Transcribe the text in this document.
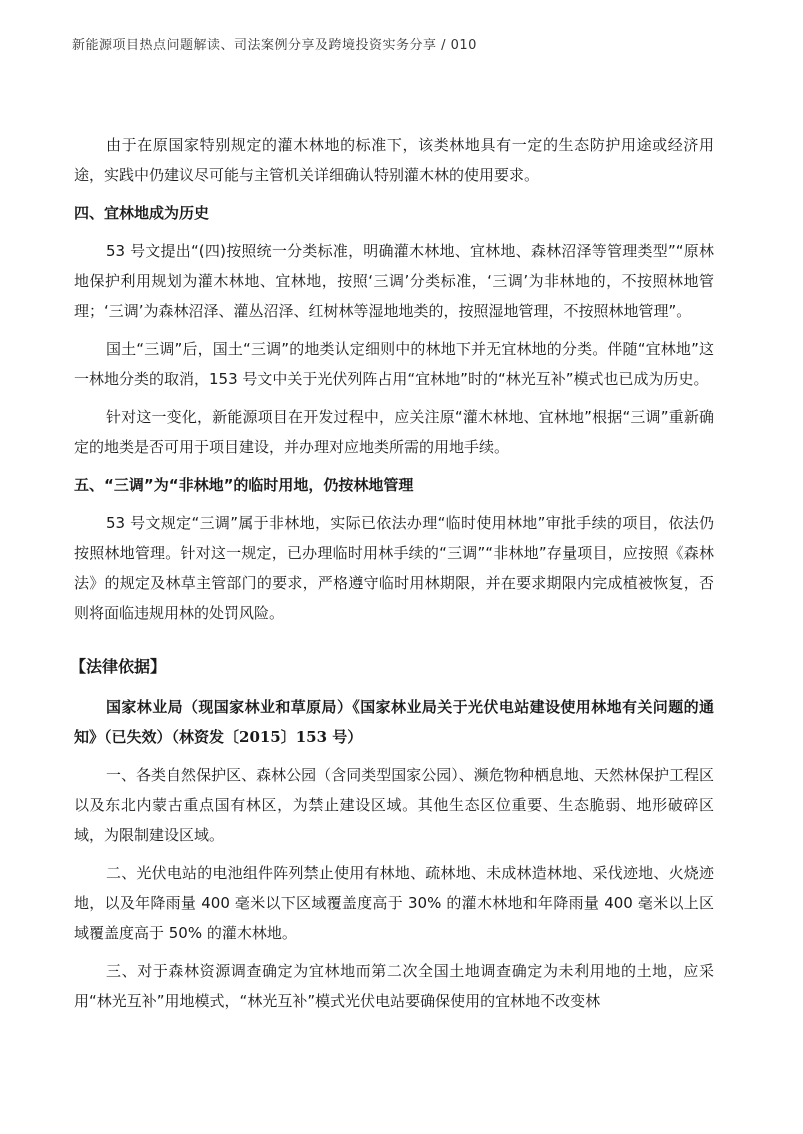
新能源项目热点问题解读、司法案例分享及跨境投资实务分享 / 010

由于在原国家特别规定的灌木林地的标准下，该类林地具有一定的生态防护用途或经济用途，实践中仍建议尽可能与主管机关详细确认特别灌木林的使用要求。

四、宜林地成为历史

53 号文提出“(四)按照统一分类标准，明确灌木林地、宜林地、森林沼泽等管理类型”“原林地保护利用规划为灌木林地、宜林地，按照‘三调’分类标准，‘三调’为非林地的，不按照林地管理；‘三调’为森林沼泽、灌丛沼泽、红树林等湿地地类的，按照湿地管理，不按照林地管理”。

国土“三调”后，国土“三调”的地类认定细则中的林地下并无宜林地的分类。伴随“宜林地”这一林地分类的取消，153 号文中关于光伏列阵占用“宜林地”时的“林光互补”模式也已成为历史。

针对这一变化，新能源项目在开发过程中，应关注原“灌木林地、宜林地”根据“三调”重新确定的地类是否可用于项目建设，并办理对应地类所需的用地手续。

五、“三调”为“非林地”的临时用地，仍按林地管理

53 号文规定“三调”属于非林地，实际已依法办理“临时使用林地”审批手续的项目，依法仍按照林地管理。针对这一规定，已办理临时用林手续的“三调”“非林地”存量项目，应按照《森林法》的规定及林草主管部门的要求，严格遵守临时用林期限，并在要求期限内完成植被恢复，否则将面临违规用林的处罚风险。

【法律依据】

国家林业局（现国家林业和草原局）《国家林业局关于光伏电站建设使用林地有关问题的通知》（已失效）（林资发〔2015〕153 号）

一、各类自然保护区、森林公园（含同类型国家公园）、濒危物种栖息地、天然林保护工程区以及东北内蒙古重点国有林区，为禁止建设区域。其他生态区位重要、生态脆弱、地形破碎区域，为限制建设区域。

二、光伏电站的电池组件阵列禁止使用有林地、疏林地、未成林造林地、采伐迹地、火烧迹地，以及年降雨量 400 毫米以下区域覆盖度高于 30% 的灌木林地和年降雨量 400 毫米以上区域覆盖度高于 50% 的灌木林地。

三、对于森林资源调查确定为宜林地而第二次全国土地调查确定为未利用地的土地，应采用“林光互补”用地模式，“林光互补”模式光伏电站要确保使用的宜林地不改变林
